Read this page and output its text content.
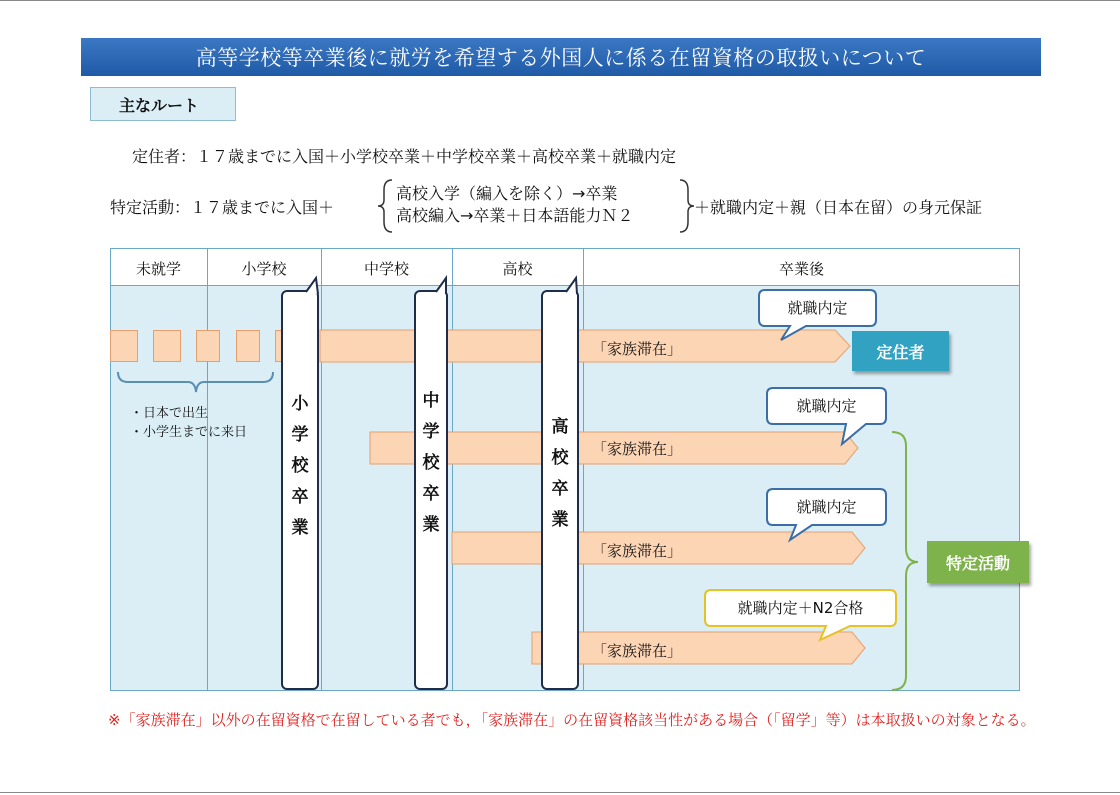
高等学校等卒業後に就労を希望する外国人に係る在留資格の取扱いについて
主なルート
定住者：１７歳までに入国＋小学校卒業＋中学校卒業＋高校卒業＋就職内定
特定活動：１７歳までに入国＋
高校入学（編入を除く）→卒業
高校編入→卒業＋日本語能力Ｎ２	＋就職内定＋親（日本在留）の身元保証
未就学	小学校	中学校	高校	卒業後
「家族滞在」
「家族滞在」
「家族滞在」
「家族滞在」
小
学
校
卒
業
中
学
校
卒
業
高
校
卒
業
就職内定
就職内定
就職内定
就職内定＋N2合格
定住者
特定活動
・日本で出生
・小学生までに来日
※「家族滞在」以外の在留資格で在留している者でも，「家族滞在」の在留資格該当性がある場合（「留学」等）は本取扱いの対象となる。
